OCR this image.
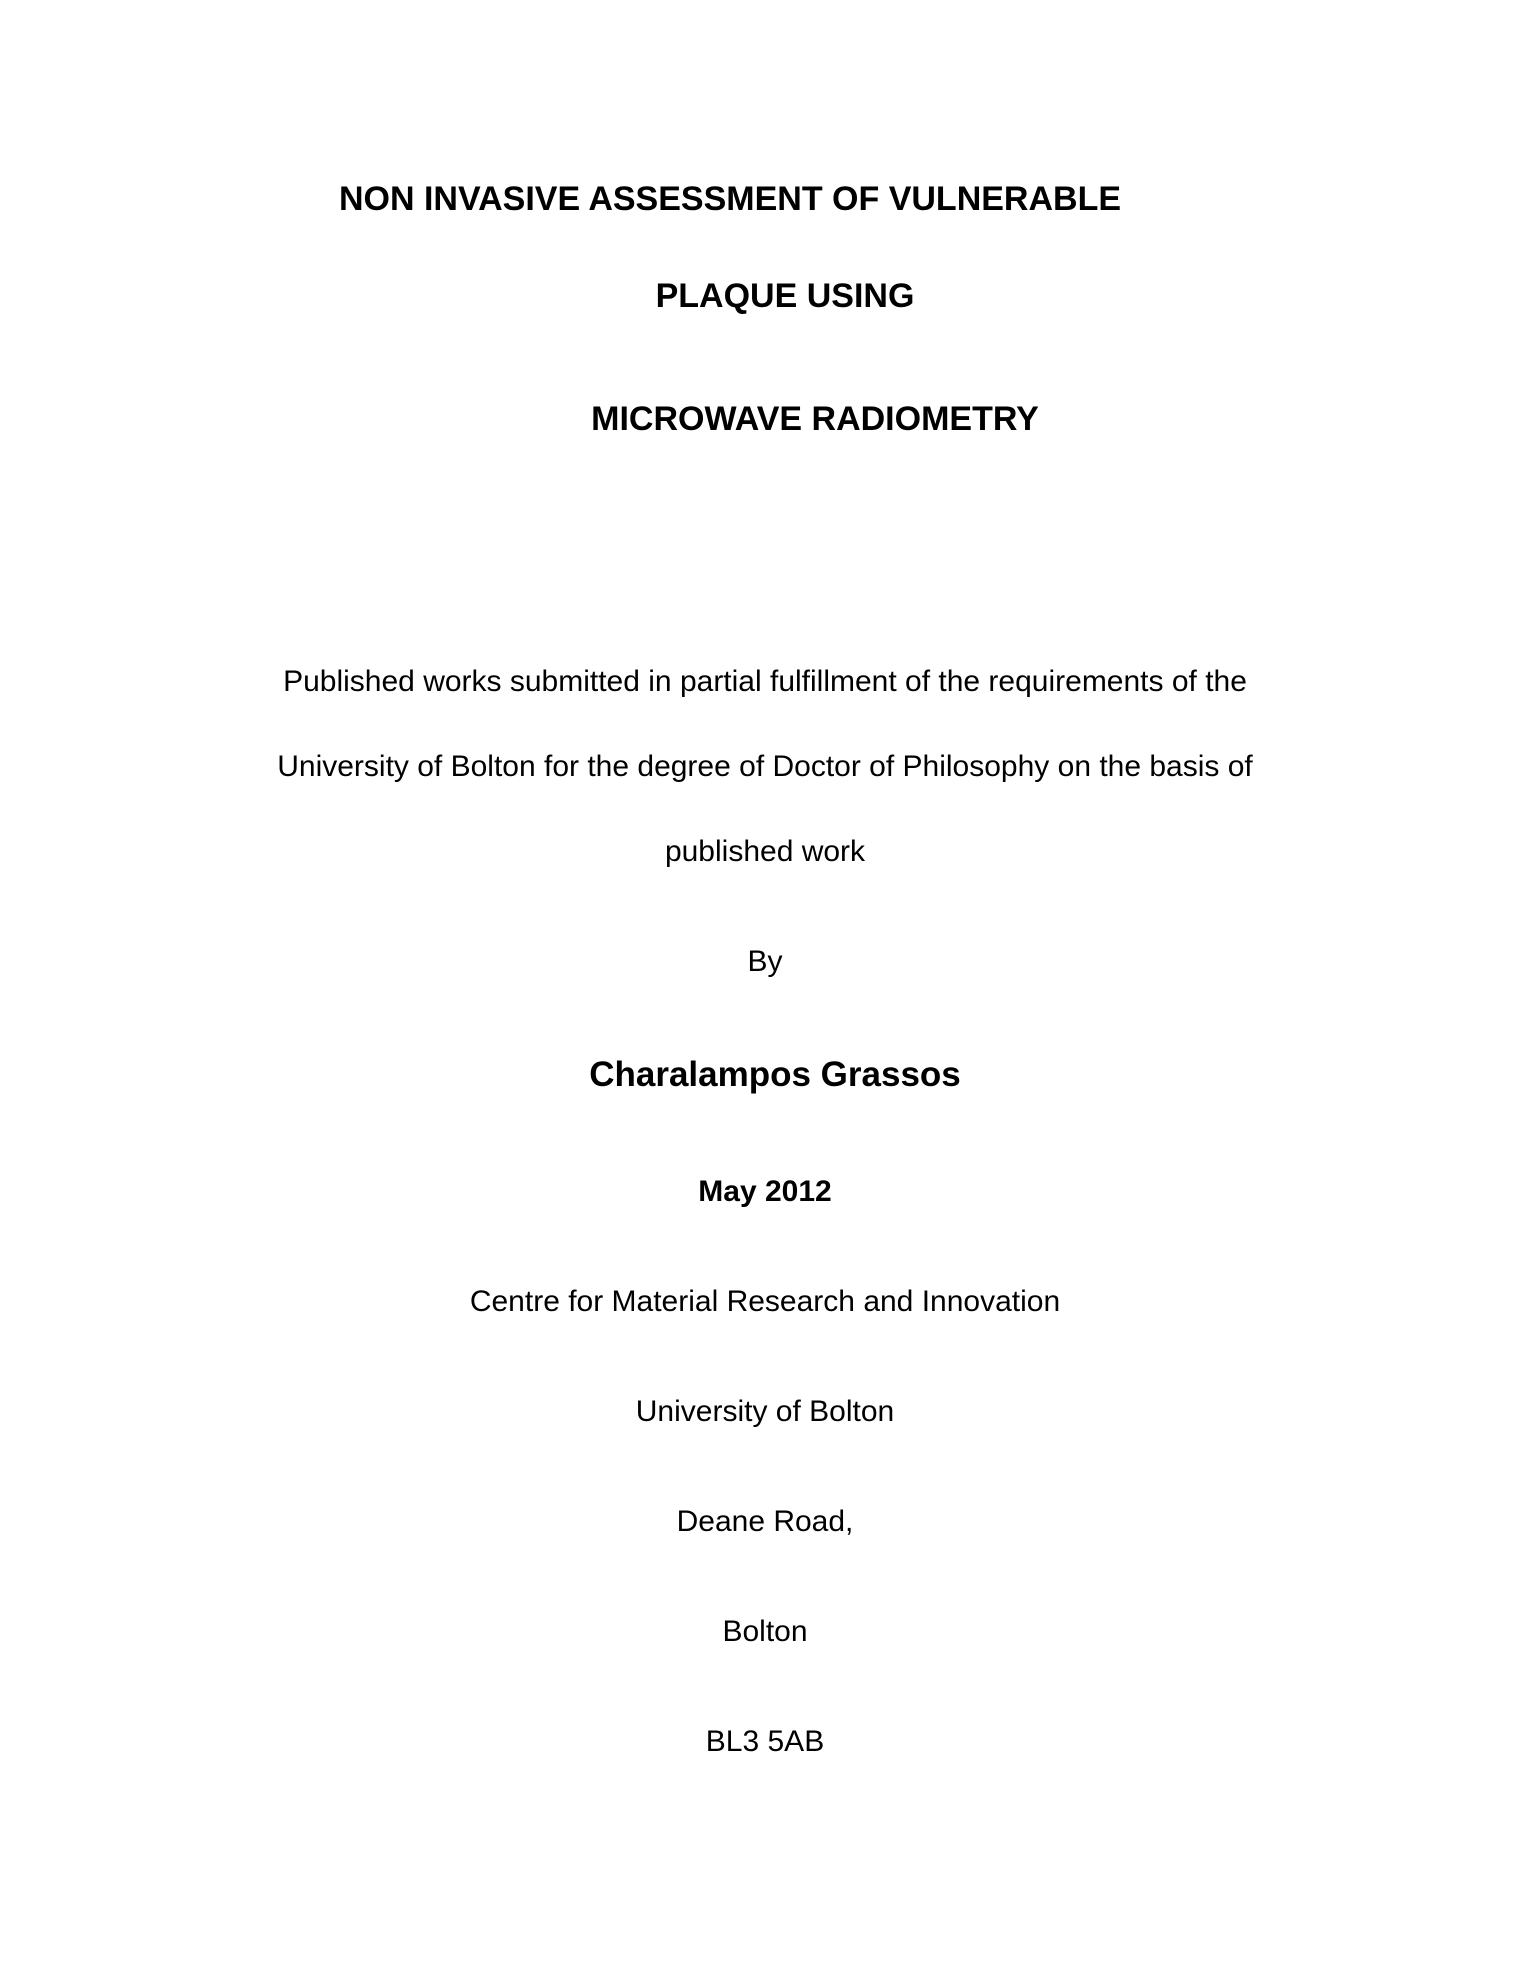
NON INVASIVE ASSESSMENT OF VULNERABLE
PLAQUE USING
MICROWAVE RADIOMETRY
Published works submitted in partial fulfillment of the requirements of the
University of Bolton for the degree of Doctor of Philosophy on the basis of
published work
By
Charalampos Grassos
May 2012
Centre for Material Research and Innovation
University of Bolton
Deane Road,
Bolton
BL3 5AB
